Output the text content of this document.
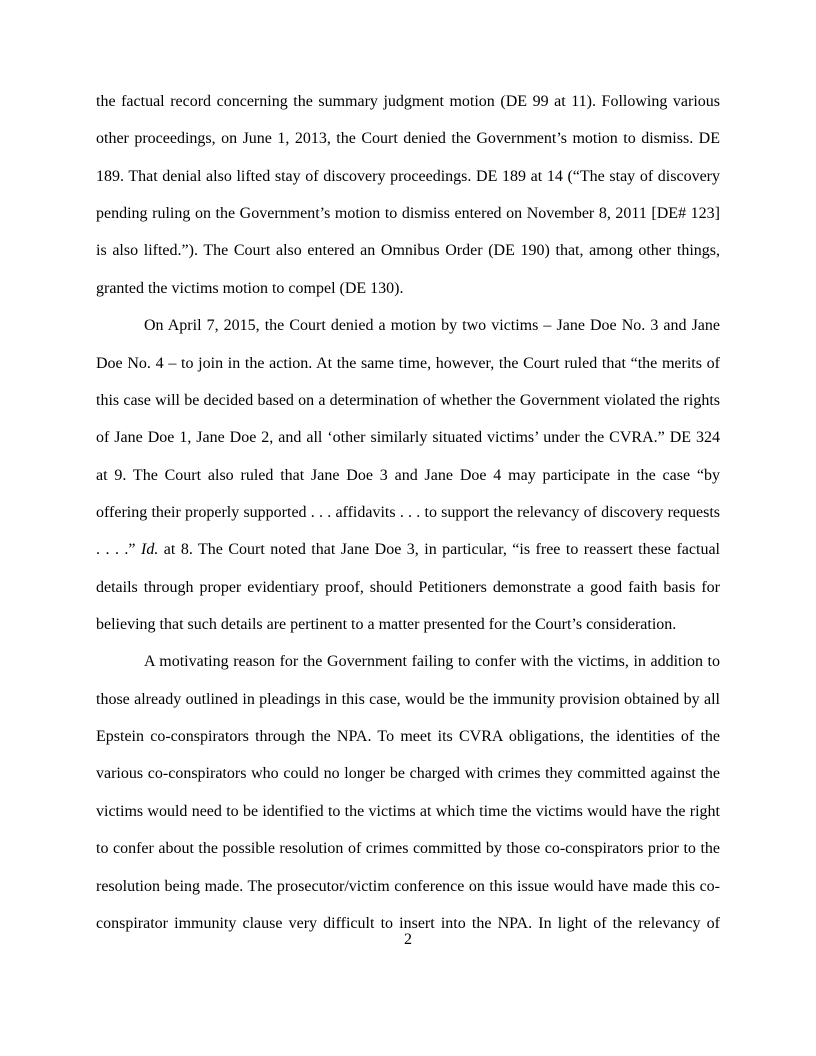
the factual record concerning the summary judgment motion (DE 99 at 11). Following various
other proceedings, on June 1, 2013, the Court denied the Government’s motion to dismiss. DE
189. That denial also lifted stay of discovery proceedings. DE 189 at 14 (“The stay of discovery
pending ruling on the Government’s motion to dismiss entered on November 8, 2011 [DE# 123]
is also lifted.”). The Court also entered an Omnibus Order (DE 190) that, among other things,
granted the victims motion to compel (DE 130).
On April 7, 2015, the Court denied a motion by two victims – Jane Doe No. 3 and Jane
Doe No. 4 – to join in the action. At the same time, however, the Court ruled that “the merits of
this case will be decided based on a determination of whether the Government violated the rights
of Jane Doe 1, Jane Doe 2, and all ‘other similarly situated victims’ under the CVRA.” DE 324
at 9. The Court also ruled that Jane Doe 3 and Jane Doe 4 may participate in the case “by
offering their properly supported . . . affidavits . . . to support the relevancy of discovery requests
. . . .” Id. at 8. The Court noted that Jane Doe 3, in particular, “is free to reassert these factual
details through proper evidentiary proof, should Petitioners demonstrate a good faith basis for
believing that such details are pertinent to a matter presented for the Court’s consideration.
A motivating reason for the Government failing to confer with the victims, in addition to
those already outlined in pleadings in this case, would be the immunity provision obtained by all
Epstein co-conspirators through the NPA. To meet its CVRA obligations, the identities of the
various co-conspirators who could no longer be charged with crimes they committed against the
victims would need to be identified to the victims at which time the victims would have the right
to confer about the possible resolution of crimes committed by those co-conspirators prior to the
resolution being made. The prosecutor/victim conference on this issue would have made this co-
conspirator immunity clause very difficult to insert into the NPA. In light of the relevancy of
2
